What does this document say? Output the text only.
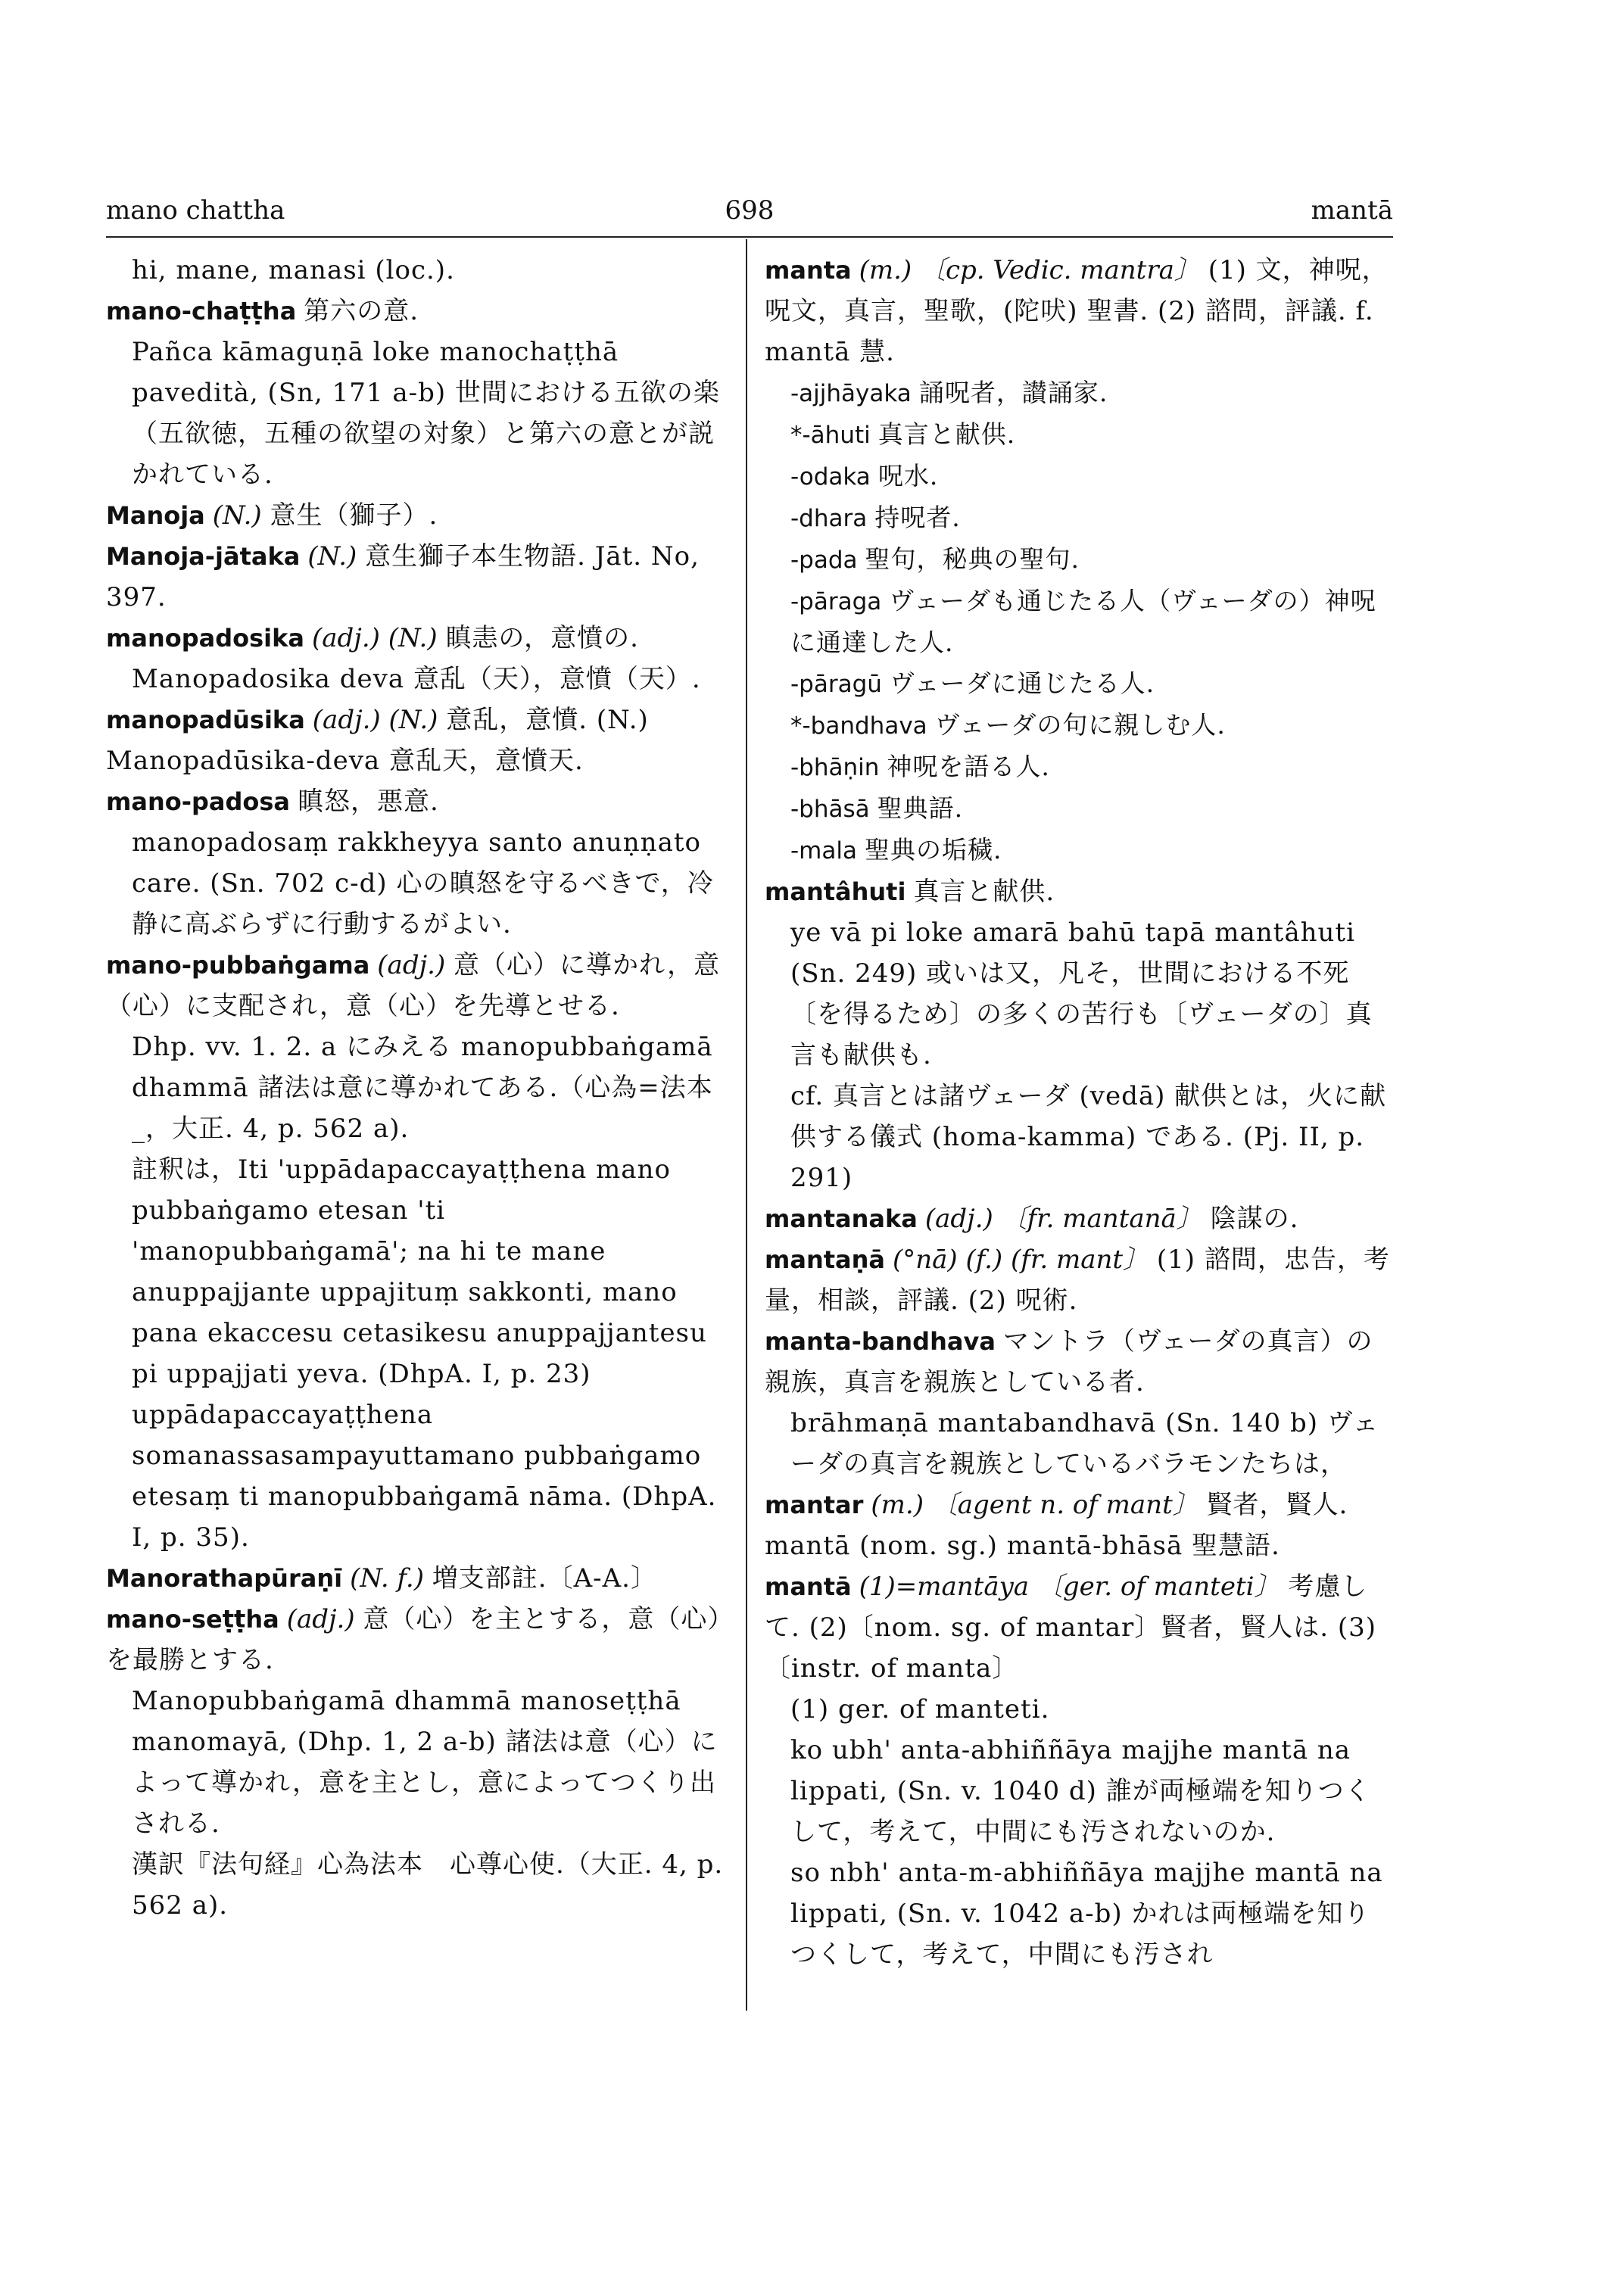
mano chattha	698	mantā
hi, mane, manasi (loc.).
mano-chaṭṭha 第六の意.
Pañca kāmaguṇā loke manochaṭṭhā pavedità, (Sn, 171 a-b) 世間における五欲の楽（五欲徳，五種の欲望の対象）と第六の意とが説かれている.
Manoja (N.) 意生（獅子）.
Manoja-jātaka (N.) 意生獅子本生物語. Jāt. No, 397.
manopadosika (adj.) (N.) 瞋恚の，意憤の.
Manopadosika deva 意乱（天），意憤（天）.
manopadūsika (adj.) (N.) 意乱，意憤. (N.) Manopadūsika-deva 意乱天，意憤天.
mano-padosa 瞋怒，悪意.
manopadosaṃ rakkheyya santo anuṇṇato care. (Sn. 702 c-d) 心の瞋怒を守るべきで，冷静に高ぶらずに行動するがよい.
mano-pubbaṅgama (adj.) 意（心）に導かれ，意（心）に支配され，意（心）を先導とせる.
Dhp. vv. 1. 2. a にみえる manopubbaṅgamā dhammā 諸法は意に導かれてある.（心為=法本_，大正. 4, p. 562 a).
註釈は，Iti 'uppādapaccayaṭṭhena mano pubbaṅgamo etesan 'ti 'manopubbaṅgamā'; na hi te mane anuppajjante uppajituṃ sakkonti, mano pana ekaccesu cetasikesu anuppajjantesu pi uppajjati yeva. (DhpA. I, p. 23)
uppādapaccayaṭṭhena somanassasampayuttamano pubbaṅgamo etesaṃ ti manopubbaṅgamā nāma. (DhpA. I, p. 35).
Manorathapūraṇī (N. f.) 増支部註.〔A-A.〕
mano-seṭṭha (adj.) 意（心）を主とする，意（心）を最勝とする.
Manopubbaṅgamā dhammā manoseṭṭhā manomayā, (Dhp. 1, 2 a-b) 諸法は意（心）によって導かれ，意を主とし，意によってつくり出される.
漢訳『法句経』心為法本　心尊心使.（大正. 4, p. 562 a).
manta (m.) 〔cp. Vedic. mantra〕 (1) 文，神呪，呪文，真言，聖歌，(陀吠) 聖書. (2) 諮問，評議. f. mantā 慧.
-ajjhāyaka 誦呪者，讃誦家.
*-āhuti 真言と献供.
-odaka 呪水.
-dhara 持呪者.
-pada 聖句，秘典の聖句.
-pāraga ヴェーダも通じたる人（ヴェーダの）神呪に通達した人.
-pāragū ヴェーダに通じたる人.
*-bandhava ヴェーダの句に親しむ人.
-bhāṇin 神呪を語る人.
-bhāsā 聖典語.
-mala 聖典の垢穢.
mantâhuti 真言と献供.
ye vā pi loke amarā bahū tapā mantâhuti (Sn. 249) 或いは又，凡そ，世間における不死〔を得るため〕の多くの苦行も〔ヴェーダの〕真言も献供も.
cf. 真言とは諸ヴェーダ (vedā) 献供とは，火に献供する儀式 (homa-kamma) である. (Pj. II, p. 291)
mantanaka (adj.) 〔fr. mantanā〕 陰謀の.
mantaṇā (°nā) (f.) (fr. mant〕 (1) 諮問，忠告，考量，相談，評議. (2) 呪術.
manta-bandhava マントラ（ヴェーダの真言）の親族，真言を親族としている者.
brāhmaṇā mantabandhavā (Sn. 140 b) ヴェーダの真言を親族としているバラモンたちは，
mantar (m.) 〔agent n. of mant〕 賢者，賢人. mantā (nom. sg.) mantā-bhāsā 聖慧語.
mantā (1)=mantāya 〔ger. of manteti〕 考慮して. (2)〔nom. sg. of mantar〕賢者，賢人は. (3)〔instr. of manta〕
(1) ger. of manteti.
ko ubh' anta-abhiññāya majjhe mantā na lippati, (Sn. v. 1040 d) 誰が両極端を知りつくして，考えて，中間にも汚されないのか.
so nbh' anta-m-abhiññāya majjhe mantā na lippati, (Sn. v. 1042 a-b) かれは両極端を知りつくして，考えて，中間にも汚され
